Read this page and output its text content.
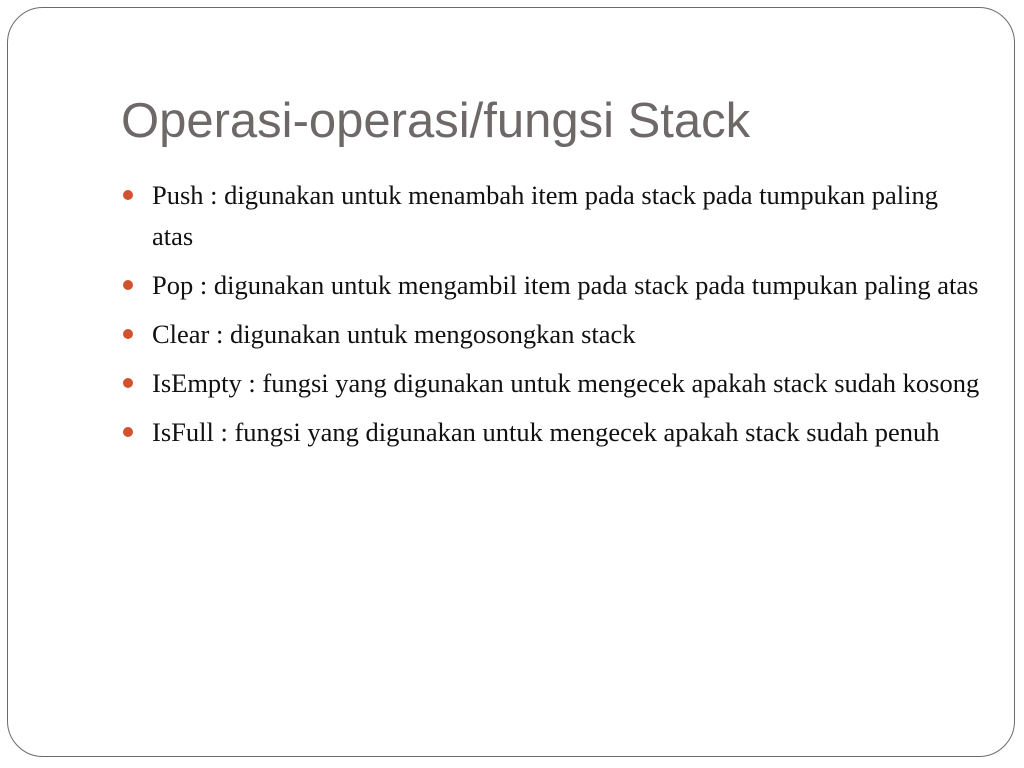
Operasi-operasi/fungsi Stack
Push : digunakan untuk menambah item pada stack pada tumpukan paling atas
Pop : digunakan untuk mengambil item pada stack pada tumpukan paling atas
Clear : digunakan untuk mengosongkan stack
IsEmpty : fungsi yang digunakan untuk mengecek apakah stack sudah kosong
IsFull : fungsi yang digunakan untuk mengecek apakah stack sudah penuh
